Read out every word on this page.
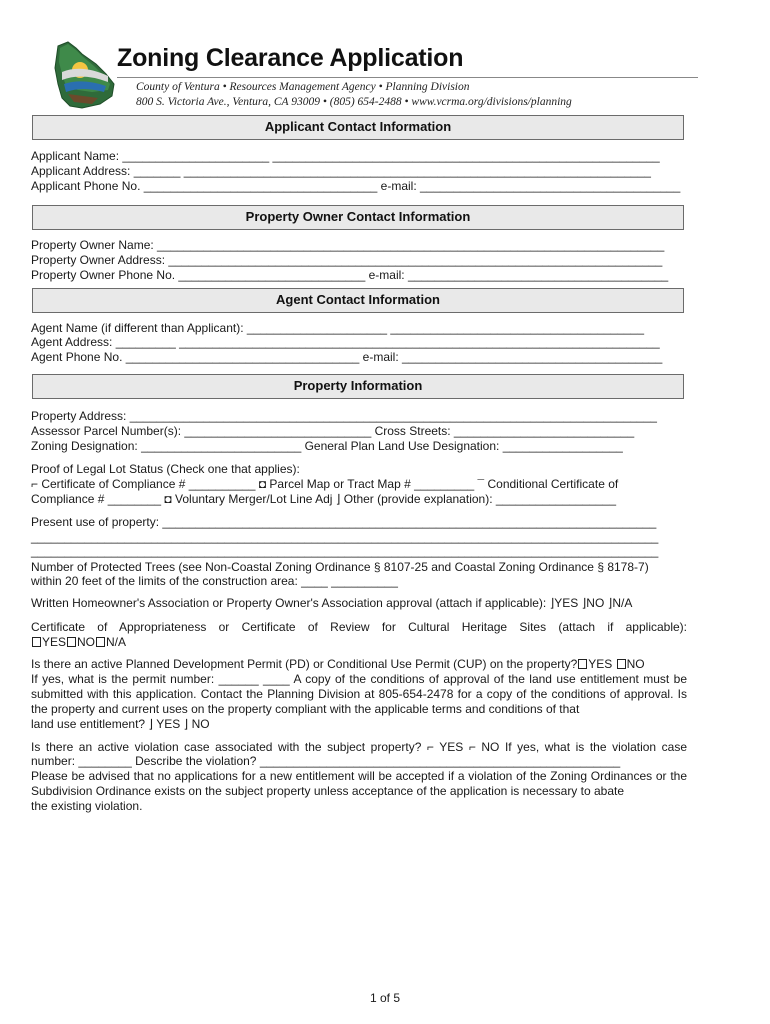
Zoning Clearance Application
County of Ventura • Resources Management Agency • Planning Division
800 S. Victoria Ave., Ventura, CA 93009 • (805) 654-2488 • www.vcrma.org/divisions/planning
Applicant Contact Information
Applicant Name: ______________________ __________________________________________________________
Applicant Address: _______ ______________________________________________________________________
Applicant Phone No. ___________________________________ e-mail: _______________________________________
Property Owner Contact Information
Property Owner Name: ____________________________________________________________________________
Property Owner Address: __________________________________________________________________________
Property Owner Phone No. ____________________________ e-mail: _______________________________________
Agent Contact Information
Agent Name (if different than Applicant): _____________________ ______________________________________
Agent Address: _________ ________________________________________________________________________
Agent Phone No. ___________________________________ e-mail: _______________________________________
Property Information
Property Address: _______________________________________________________________________________
Assessor Parcel Number(s): ____________________________ Cross Streets: ___________________________
Zoning Designation: ________________________ General Plan Land Use Designation: __________________
Proof of Legal Lot Status (Check one that applies):
⌐ Certificate of Compliance # __________ ◘ Parcel Map or Tract Map # _________ ¯ Conditional Certificate of
Compliance # ________ ◘ Voluntary Merger/Lot Line Adj ⌋ Other (provide explanation): __________________
Present use of property: __________________________________________________________________________
______________________________________________________________________________________________
______________________________________________________________________________________________
Number of Protected Trees (see Non-Coastal Zoning Ordinance § 8107-25 and Coastal Zoning Ordinance § 8178-7)
within 20 feet of the limits of the construction area: ____ __________
Written Homeowner's Association or Property Owner's Association approval (attach if applicable): ⌋YES ⌋NO ⌋N/A
Certificate of Appropriateness or Certificate of Review for Cultural Heritage Sites (attach if applicable):
YES NO N/A
Is there an active Planned Development Permit (PD) or Conditional Use Permit (CUP) on the property? YES NO
If yes, what is the permit number: ______ ____ A copy of the conditions of approval of the land use entitlement must be submitted with this application. Contact the Planning Division at 805-654-2478 for a copy of the conditions of approval. Is the property and current uses on the property compliant with the applicable terms and conditions of that
land use entitlement? ⌋ YES ⌋ NO
Is there an active violation case associated with the subject property? ⌐ YES ⌐ NO If yes, what is the violation case
number: ________ Describe the violation? ______________________________________________________
Please be advised that no applications for a new entitlement will be accepted if a violation of the Zoning Ordinances or the Subdivision Ordinance exists on the subject property unless acceptance of the application is necessary to abate
the existing violation.
1 of 5
